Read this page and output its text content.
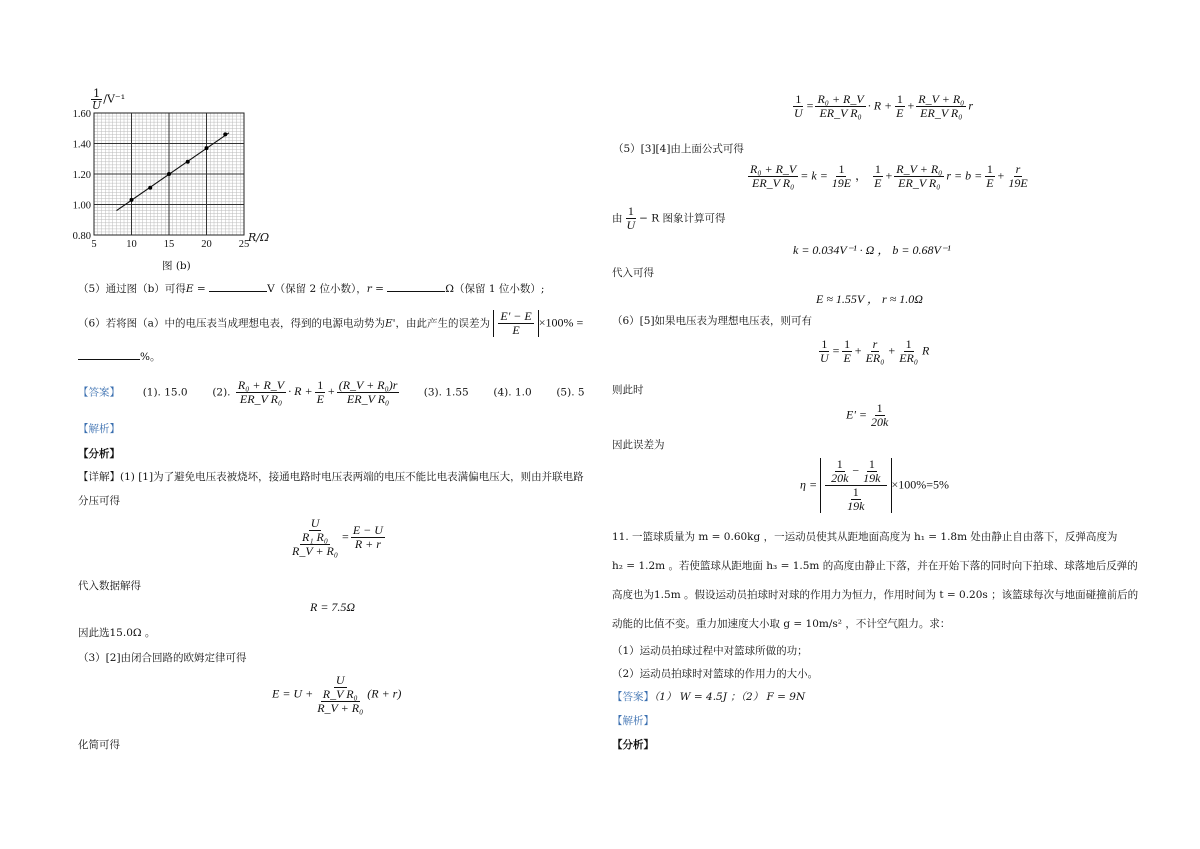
$\frac{1}{U} /V^{-1}$
5	10	15	20	25
0.80
1.00
1.20
1.40
1.60
R/Ω
图 (b)
（5）通过图（b）可得E =	V（保留 2 位小数），r =	Ω（保留 1 位小数）;
（6）若将图（a）中的电压表当成理想电表，得到的电源电动势为E'，由此产生的误差为 $\frac{E' - E}{E} \times 100\%$ =
%。
【答案】 (1). 15.0 (2). $\frac{\text{R₀ + R\_V}}{\text{ER\_V R₀}} \cdot R + \frac{1}{E} + \frac{\text{(R\_V + R₀)r}}{\text{ER\_V R₀}} (3)$. 1.55 (4). 1.0 (5). 5
【解析】
【分析】
【详解】(1) [1]为了避免电压表被烧坏，接通电路时电压表两端的电压不能比电表满偏电压大，则由并联电路
分压可得
U
R₁ R₀
R_V + R₀
= $\frac{E - U}{R + r}$
代入数据解得
R = 7.5Ω
因此选15.0Ω 。
（3）[2]由闭合回路的欧姆定律可得
E = U +
U
R_V R₀
R_V + R₀
(R + r)
化简可得
$\frac{1}{U} = \frac{\text{R₀ + R\_V}}{\text{ER\_V R₀}} \cdot R + \frac{1}{E} + \frac{\text{R\_V + R₀}}{\text{ER\_V R₀}}$ r
（5）[3][4]由上面公式可得
$\frac{\text{R₀ + R\_V}}{\text{ER\_V R₀}} = k = \frac{1}{19E}$ ， $\frac{1}{E} + \frac{\text{R\_V + R₀}}{\text{ER\_V R₀}}$ $r = b = \frac{1}{E} + \frac{r}{19E}$
由 $\frac{1}{U} - R$ 图象计算可得
k = 0.034V⁻¹ · Ω ， b = 0.68V⁻¹
代入可得
E ≈ 1.55V ， r ≈ 1.0Ω
（6）[5]如果电压表为理想电压表，则可有
$\frac{1}{U} = \frac{1}{E} + \frac{r}{\text{ER₀}} + \frac{1}{\text{ER₀}}$ R
则此时
$E' = \frac{1}{20k}$
因此误差为
$\eta = \frac{\frac{1}{20k} - \frac{1}{19k}}{\frac{1}{19k}} \times 100\%=5\%$
11. 一篮球质量为 m = 0.60kg ，一运动员使其从距地面高度为 h₁ = 1.8m 处由静止自由落下，反弹高度为
h₂ = 1.2m 。若使篮球从距地面 h₃ = 1.5m 的高度由静止下落，并在开始下落的同时向下拍球、球落地后反弹的
高度也为1.5m 。假设运动员拍球时对球的作用力为恒力，作用时间为 t = 0.20s ；该篮球每次与地面碰撞前后的
动能的比值不变。重力加速度大小取 g = 10m/s² ，不计空气阻力。求：
（1）运动员拍球过程中对篮球所做的功；
（2）运动员拍球时对篮球的作用力的大小。
【答案】（1） W = 4.5J ；（2） F = 9N
【解析】
【分析】
